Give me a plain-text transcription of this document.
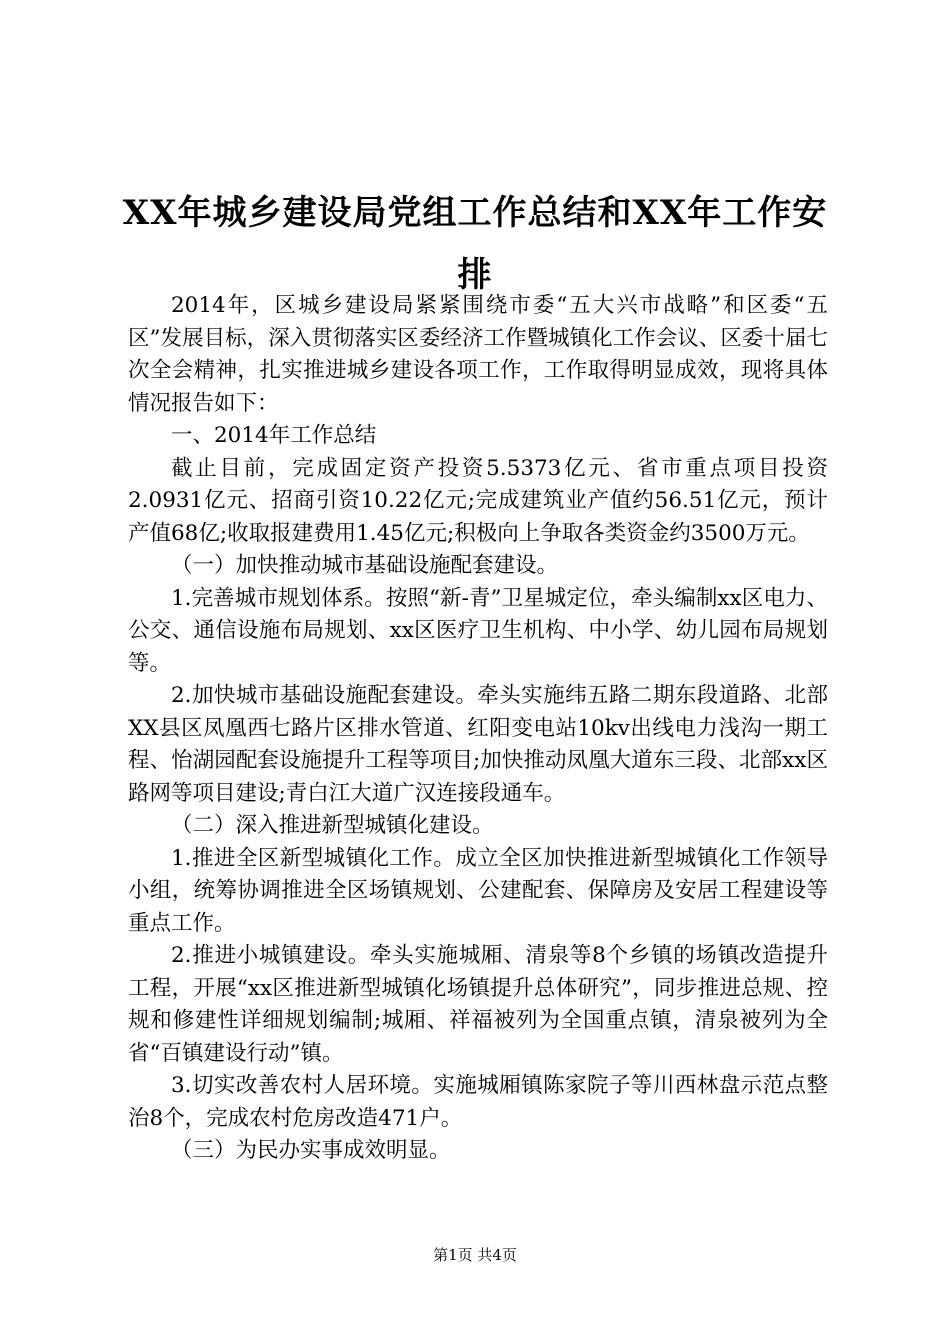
XX年城乡建设局党组工作总结和XX年工作安排

2014年，区城乡建设局紧紧围绕市委“五大兴市战略”和区委“五区”发展目标，深入贯彻落实区委经济工作暨城镇化工作会议、区委十届七次全会精神，扎实推进城乡建设各项工作，工作取得明显成效，现将具体情况报告如下：

一、2014年工作总结

截止目前，完成固定资产投资5.5373亿元、省市重点项目投资2.0931亿元、招商引资10.22亿元;完成建筑业产值约56.51亿元，预计产值68亿;收取报建费用1.45亿元;积极向上争取各类资金约3500万元。

（一）加快推动城市基础设施配套建设。

1.完善城市规划体系。按照“新-青”卫星城定位，牵头编制xx区电力、公交、通信设施布局规划、xx区医疗卫生机构、中小学、幼儿园布局规划等。

2.加快城市基础设施配套建设。牵头实施纬五路二期东段道路、北部XX县区凤凰西七路片区排水管道、红阳变电站10kv出线电力浅沟一期工程、怡湖园配套设施提升工程等项目;加快推动凤凰大道东三段、北部xx区路网等项目建设;青白江大道广汉连接段通车。

（二）深入推进新型城镇化建设。

1.推进全区新型城镇化工作。成立全区加快推进新型城镇化工作领导小组，统筹协调推进全区场镇规划、公建配套、保障房及安居工程建设等重点工作。

2.推进小城镇建设。牵头实施城厢、清泉等8个乡镇的场镇改造提升工程，开展“xx区推进新型城镇化场镇提升总体研究”，同步推进总规、控规和修建性详细规划编制;城厢、祥福被列为全国重点镇，清泉被列为全省“百镇建设行动”镇。

3.切实改善农村人居环境。实施城厢镇陈家院子等川西林盘示范点整治8个，完成农村危房改造471户。

（三）为民办实事成效明显。

第1页 共4页
